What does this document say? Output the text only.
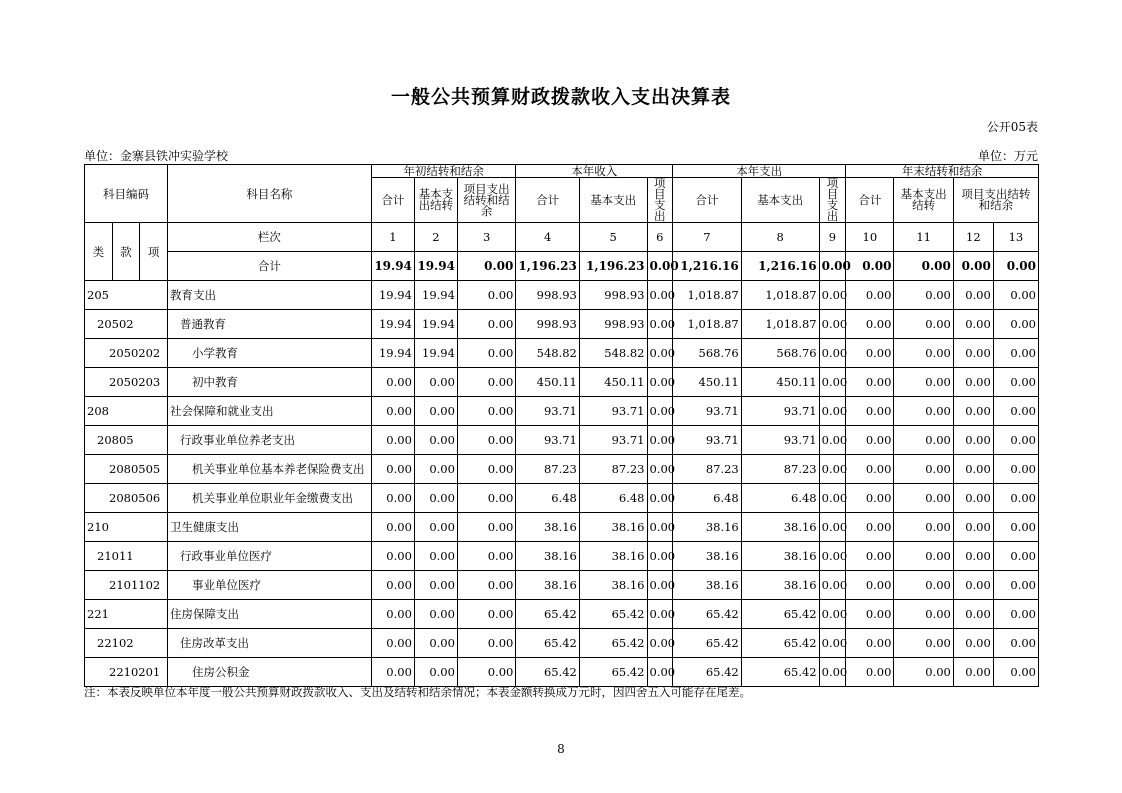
一般公共预算财政拨款收入支出决算表
公开05表
单位：金寨县铁冲实验学校	单位：万元
科目编码			科目名称	年初结转和结余			本年收入			本年支出			年末结转和结余			
				合计	基本支出结转	项目支出结转和结余	合计	基本支出	项目支出	合计	基本支出	项目支出	合计	基本支出结转	项目支出结转和结余	
类	款	项	栏次	1	2	3	4	5	6	7	8	9	10	11	12	13
			合计	19.94	19.94	0.00	1,196.23	1,196.23	0.00	1,216.16	1,216.16	0.00	0.00	0.00	0.00	0.00
205			教育支出	19.94	19.94	0.00	998.93	998.93	0.00	1,018.87	1,018.87	0.00	0.00	0.00	0.00	0.00
20502			普通教育	19.94	19.94	0.00	998.93	998.93	0.00	1,018.87	1,018.87	0.00	0.00	0.00	0.00	0.00
2050202			小学教育	19.94	19.94	0.00	548.82	548.82	0.00	568.76	568.76	0.00	0.00	0.00	0.00	0.00
2050203			初中教育	0.00	0.00	0.00	450.11	450.11	0.00	450.11	450.11	0.00	0.00	0.00	0.00	0.00
208			社会保障和就业支出	0.00	0.00	0.00	93.71	93.71	0.00	93.71	93.71	0.00	0.00	0.00	0.00	0.00
20805			行政事业单位养老支出	0.00	0.00	0.00	93.71	93.71	0.00	93.71	93.71	0.00	0.00	0.00	0.00	0.00
2080505			机关事业单位基本养老保险费支出	0.00	0.00	0.00	87.23	87.23	0.00	87.23	87.23	0.00	0.00	0.00	0.00	0.00
2080506			机关事业单位职业年金缴费支出	0.00	0.00	0.00	6.48	6.48	0.00	6.48	6.48	0.00	0.00	0.00	0.00	0.00
210			卫生健康支出	0.00	0.00	0.00	38.16	38.16	0.00	38.16	38.16	0.00	0.00	0.00	0.00	0.00
21011			行政事业单位医疗	0.00	0.00	0.00	38.16	38.16	0.00	38.16	38.16	0.00	0.00	0.00	0.00	0.00
2101102			事业单位医疗	0.00	0.00	0.00	38.16	38.16	0.00	38.16	38.16	0.00	0.00	0.00	0.00	0.00
221			住房保障支出	0.00	0.00	0.00	65.42	65.42	0.00	65.42	65.42	0.00	0.00	0.00	0.00	0.00
22102			住房改革支出	0.00	0.00	0.00	65.42	65.42	0.00	65.42	65.42	0.00	0.00	0.00	0.00	0.00
2210201			住房公积金	0.00	0.00	0.00	65.42	65.42	0.00	65.42	65.42	0.00	0.00	0.00	0.00	0.00
注：本表反映单位本年度一般公共预算财政拨款收入、支出及结转和结余情况；本表金额转换成万元时，因四舍五入可能存在尾差。
8
